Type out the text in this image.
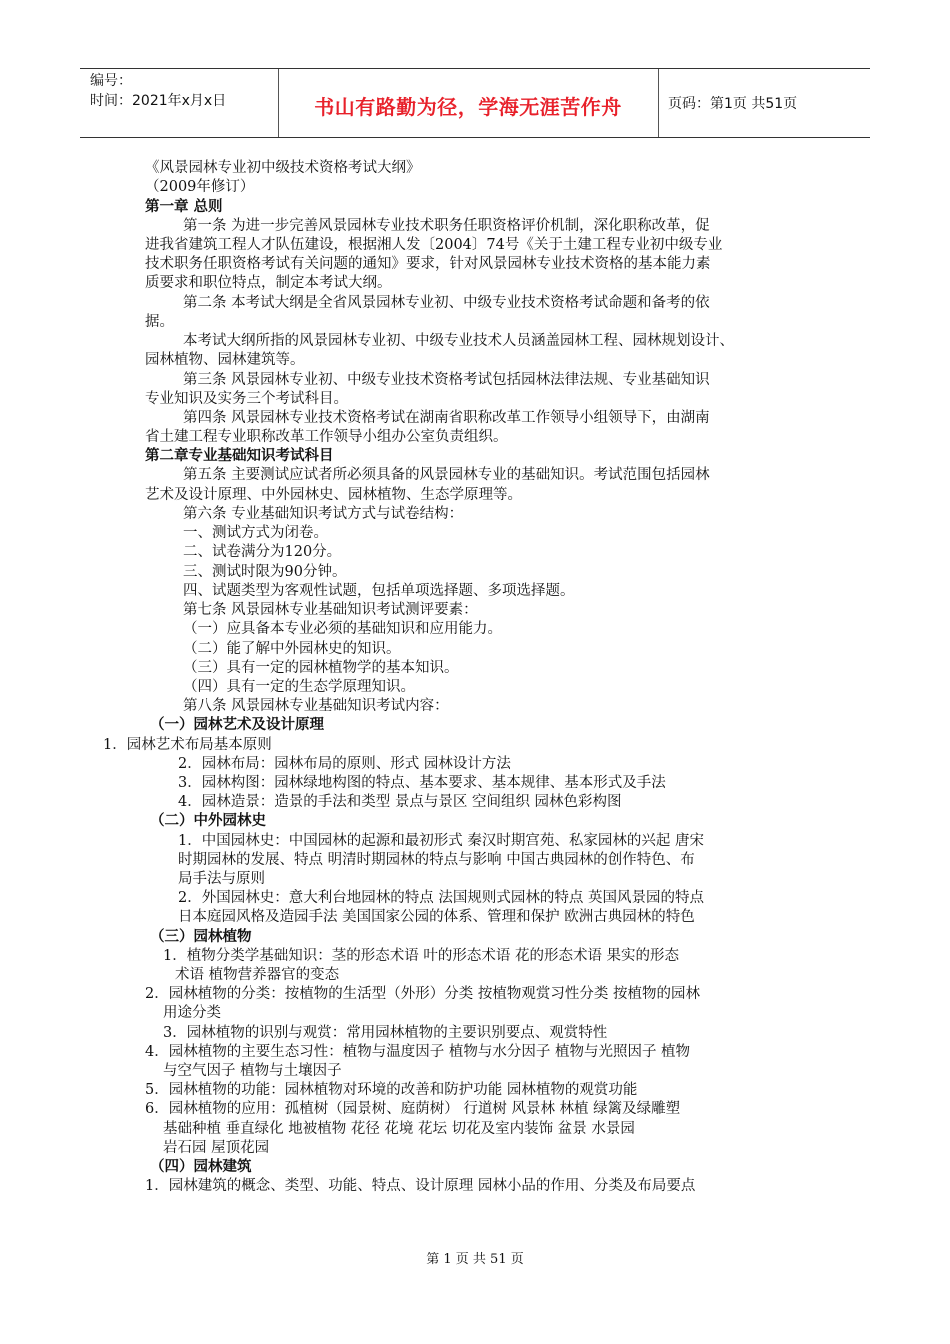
编号：
时间：2021年x月x日	书山有路勤为径，学海无涯苦作舟	页码：第1页 共51页
《风景园林专业初中级技术资格考试大纲》
（2009年修订）
第一章 总则
第一条 为进一步完善风景园林专业技术职务任职资格评价机制，深化职称改革，促
进我省建筑工程人才队伍建设，根据湘人发〔2004〕74号《关于土建工程专业初中级专业
技术职务任职资格考试有关问题的通知》要求，针对风景园林专业技术资格的基本能力素
质要求和职位特点，制定本考试大纲。
第二条 本考试大纲是全省风景园林专业初、中级专业技术资格考试命题和备考的依
据。
本考试大纲所指的风景园林专业初、中级专业技术人员涵盖园林工程、园林规划设计、
园林植物、园林建筑等。
第三条 风景园林专业初、中级专业技术资格考试包括园林法律法规、专业基础知识
专业知识及实务三个考试科目。
第四条 风景园林专业技术资格考试在湖南省职称改革工作领导小组领导下，由湖南
省土建工程专业职称改革工作领导小组办公室负责组织。
第二章专业基础知识考试科目
第五条 主要测试应试者所必须具备的风景园林专业的基础知识。考试范围包括园林
艺术及设计原理、中外园林史、园林植物、生态学原理等。
第六条 专业基础知识考试方式与试卷结构：
一、测试方式为闭卷。
二、试卷满分为120分。
三、测试时限为90分钟。
四、试题类型为客观性试题，包括单项选择题、多项选择题。
第七条 风景园林专业基础知识考试测评要素：
（一）应具备本专业必须的基础知识和应用能力。
（二）能了解中外园林史的知识。
（三）具有一定的园林植物学的基本知识。
（四）具有一定的生态学原理知识。
第八条 风景园林专业基础知识考试内容：
（一）园林艺术及设计原理
1．园林艺术布局基本原则
2．园林布局：园林布局的原则、形式 园林设计方法
3．园林构图：园林绿地构图的特点、基本要求、基本规律、基本形式及手法
4．园林造景：造景的手法和类型 景点与景区 空间组织 园林色彩构图
（二）中外园林史
1．中国园林史：中国园林的起源和最初形式 秦汉时期宫苑、私家园林的兴起 唐宋
时期园林的发展、特点 明清时期园林的特点与影响 中国古典园林的创作特色、布
局手法与原则
2．外国园林史：意大利台地园林的特点 法国规则式园林的特点 英国风景园的特点
日本庭园风格及造园手法 美国国家公园的体系、管理和保护 欧洲古典园林的特色
（三）园林植物
1．植物分类学基础知识：茎的形态术语 叶的形态术语 花的形态术语 果实的形态
术语 植物营养器官的变态
2．园林植物的分类：按植物的生活型（外形）分类 按植物观赏习性分类 按植物的园林
用途分类
3．园林植物的识别与观赏：常用园林植物的主要识别要点、观赏特性
4．园林植物的主要生态习性：植物与温度因子 植物与水分因子 植物与光照因子 植物
与空气因子 植物与土壤因子
5．园林植物的功能：园林植物对环境的改善和防护功能 园林植物的观赏功能
6．园林植物的应用：孤植树（园景树、庭荫树） 行道树 风景林 林植 绿篱及绿雕塑
基础种植 垂直绿化 地被植物 花径 花境 花坛 切花及室内装饰 盆景 水景园
岩石园 屋顶花园
（四）园林建筑
1．园林建筑的概念、类型、功能、特点、设计原理 园林小品的作用、分类及布局要点
第 1 页 共 51 页
